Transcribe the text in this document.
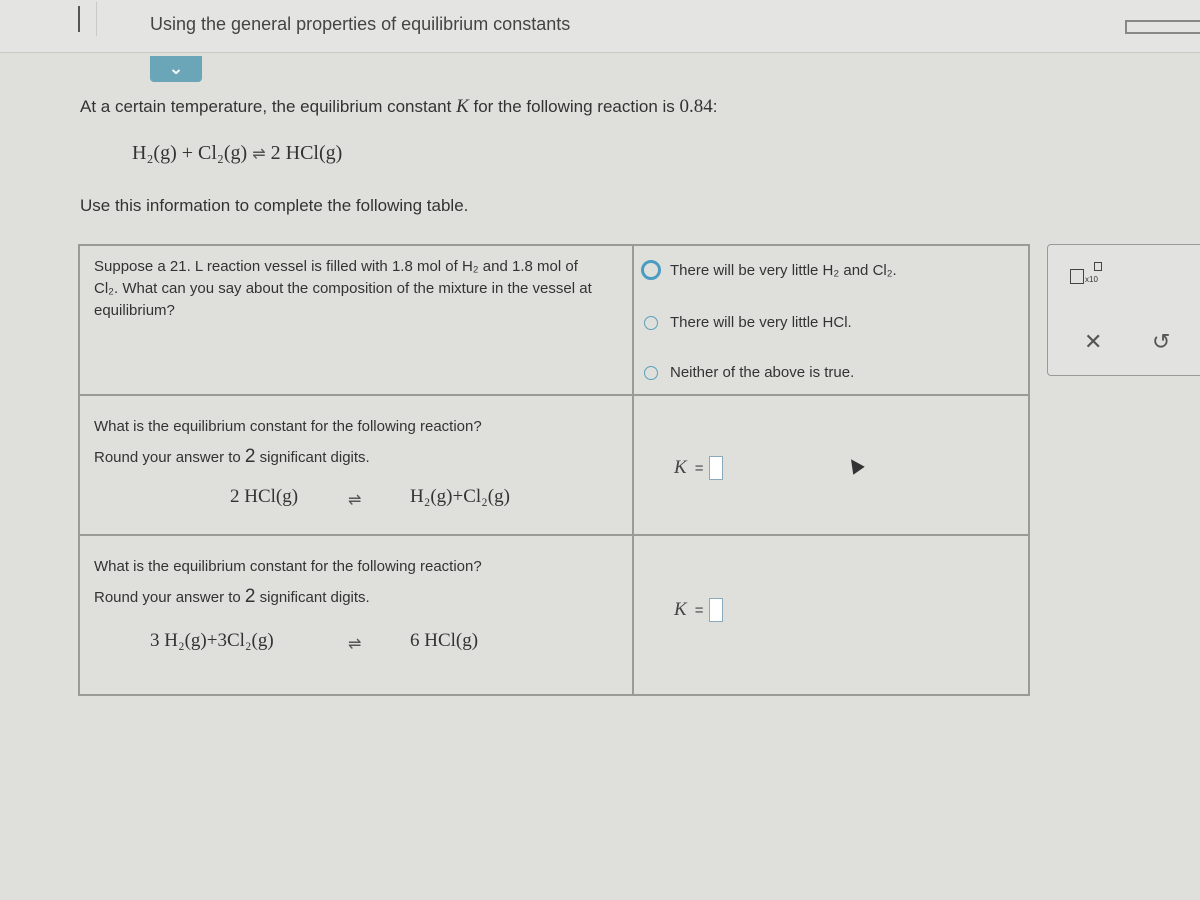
Using the general properties of equilibrium constants
⌄
At a certain temperature, the equilibrium constant K for the following reaction is 0.84:
H₂(g) + Cl₂(g) ⇌ 2 HCl(g)
Use this information to complete the following table.
Suppose a 21. L reaction vessel is filled with 1.8 mol of H₂ and 1.8 mol of Cl₂. What can you say about the composition of the mixture in the vessel at equilibrium?
There will be very little H₂ and Cl₂.
There will be very little HCl.
Neither of the above is true.
What is the equilibrium constant for the following reaction?
Round your answer to 2 significant digits.
2 HCl(g)	⇌	H₂(g)+Cl₂(g)
K =
What is the equilibrium constant for the following reaction?
Round your answer to 2 significant digits.
3 H₂(g)+3Cl₂(g)	⇌	6 HCl(g)
K =
x10
✕ ↺
